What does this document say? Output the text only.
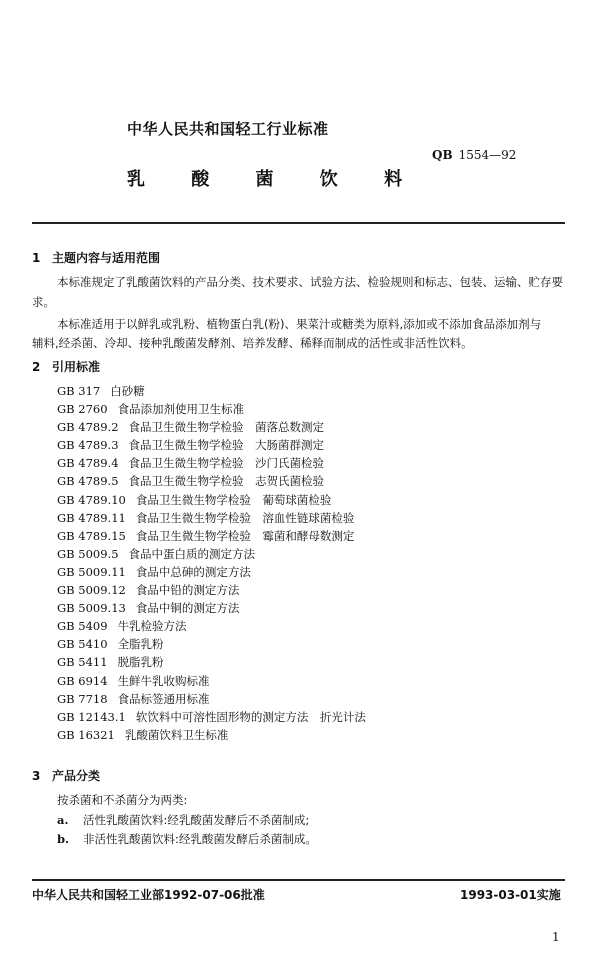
中华人民共和国轻工行业标准
QB 1554—92
乳 酸 菌 饮 料
1 主题内容与适用范围
本标准规定了乳酸菌饮料的产品分类、技术要求、试验方法、检验规则和标志、包装、运输、贮存要
求。
本标准适用于以鲜乳或乳粉、植物蛋白乳(粉)、果菜汁或糖类为原料,添加或不添加食品添加剂与
辅料,经杀菌、冷却、接种乳酸菌发酵剂、培养发酵、稀释而制成的活性或非活性饮料。
2 引用标准
GB 317 白砂糖
GB 2760 食品添加剂使用卫生标准
GB 4789.2 食品卫生微生物学检验　菌落总数测定
GB 4789.3 食品卫生微生物学检验　大肠菌群测定
GB 4789.4 食品卫生微生物学检验　沙门氏菌检验
GB 4789.5 食品卫生微生物学检验　志贺氏菌检验
GB 4789.10 食品卫生微生物学检验　葡萄球菌检验
GB 4789.11 食品卫生微生物学检验　溶血性链球菌检验
GB 4789.15 食品卫生微生物学检验　霉菌和酵母数测定
GB 5009.5 食品中蛋白质的测定方法
GB 5009.11 食品中总砷的测定方法
GB 5009.12 食品中铅的测定方法
GB 5009.13 食品中铜的测定方法
GB 5409 牛乳检验方法
GB 5410 全脂乳粉
GB 5411 脱脂乳粉
GB 6914 生鲜牛乳收购标准
GB 7718 食品标签通用标准
GB 12143.1 软饮料中可溶性固形物的测定方法　折光计法
GB 16321 乳酸菌饮料卫生标准
3 产品分类
按杀菌和不杀菌分为两类:
a. 活性乳酸菌饮料:经乳酸菌发酵后不杀菌制成;
b. 非活性乳酸菌饮料:经乳酸菌发酵后杀菌制成。
中华人民共和国轻工业部1992-07-06批准	1993-03-01实施
1
